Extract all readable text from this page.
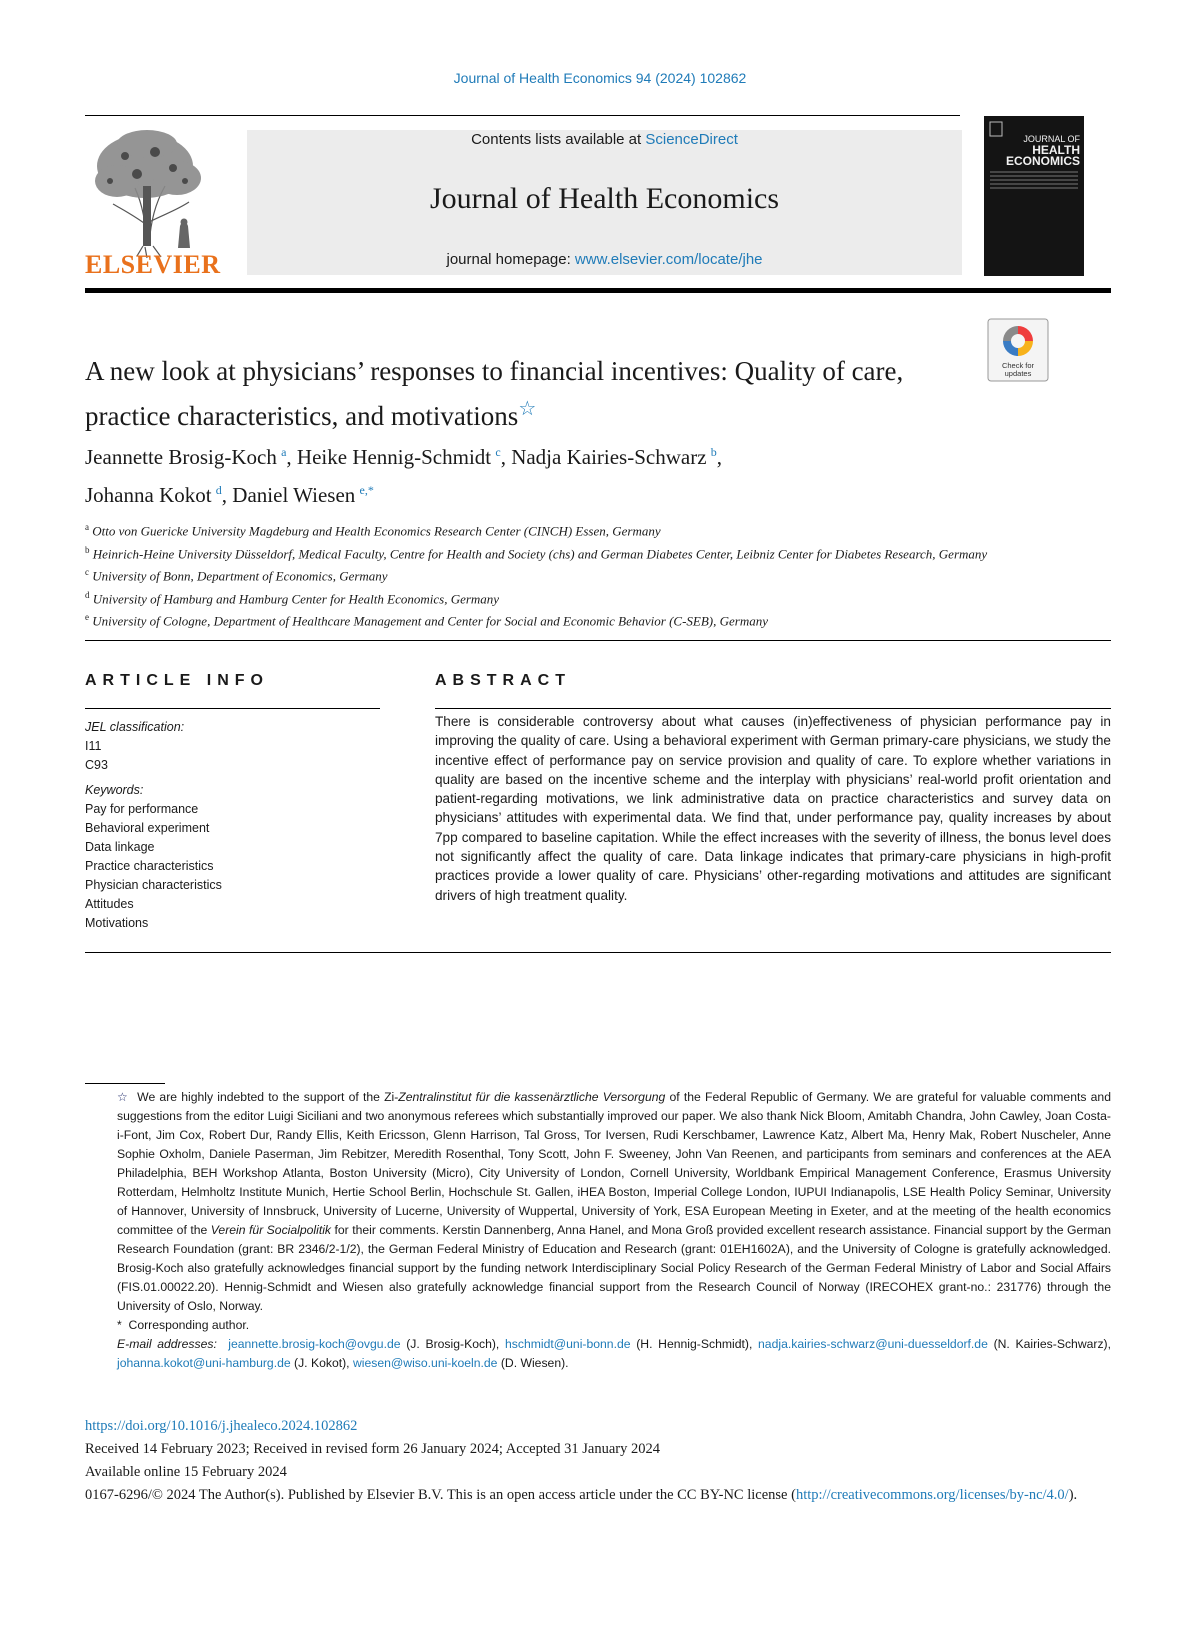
Journal of Health Economics 94 (2024) 102862
ELSEVIER
Contents lists available at ScienceDirect
Journal of Health Economics
journal homepage: www.elsevier.com/locate/jhe
JOURNAL OF
HEALTH
ECONOMICS
Check for
updates
A new look at physicians’ responses to financial incentives: Quality of care, practice characteristics, and motivations☆
Jeannette Brosig-Koch  $^a$, Heike Hennig-Schmidt  $^c$, Nadja Kairies-Schwarz  $^b$,
Johanna Kokot  $^d$, Daniel Wiesen  $^{e,*}$
$^a$ Otto von Guericke University Magdeburg and Health Economics Research Center (CINCH) Essen, Germany
$^b$ Heinrich-Heine University Düsseldorf, Medical Faculty, Centre for Health and Society (chs) and German Diabetes Center, Leibniz Center for Diabetes Research, Germany
$^c$ University of Bonn, Department of Economics, Germany
$^d$ University of Hamburg and Hamburg Center for Health Economics, Germany
$^e$ University of Cologne, Department of Healthcare Management and Center for Social and Economic Behavior (C-SEB), Germany
ARTICLE INFO
JEL classification:
I11
C93
Keywords:
Pay for performance
Behavioral experiment
Data linkage
Practice characteristics
Physician characteristics
Attitudes
Motivations
ABSTRACT
There is considerable controversy about what causes (in)effectiveness of physician performance pay in improving the quality of care. Using a behavioral experiment with German primary-care physicians, we study the incentive effect of performance pay on service provision and quality of care. To explore whether variations in quality are based on the incentive scheme and the interplay with physicians’ real-world profit orientation and patient-regarding motivations, we link administrative data on practice characteristics and survey data on physicians’ attitudes with experimental data. We find that, under performance pay, quality increases by about 7pp compared to baseline capitation. While the effect increases with the severity of illness, the bonus level does not significantly affect the quality of care. Data linkage indicates that primary-care physicians in high-profit practices provide a lower quality of care. Physicians’ other-regarding motivations and attitudes are significant drivers of high treatment quality.

☆ We are highly indebted to the support of the Zi-Zentralinstitut für die kassenärztliche Versorgung of the Federal Republic of Germany. We are grateful for valuable comments and suggestions from the editor Luigi Siciliani and two anonymous referees which substantially improved our paper. We also thank Nick Bloom, Amitabh Chandra, John Cawley, Joan Costa-i-Font, Jim Cox, Robert Dur, Randy Ellis, Keith Ericsson, Glenn Harrison, Tal Gross, Tor Iversen, Rudi Kerschbamer, Lawrence Katz, Albert Ma, Henry Mak, Robert Nuscheler, Anne Sophie Oxholm, Daniele Paserman, Jim Rebitzer, Meredith Rosenthal, Tony Scott, John F. Sweeney, John Van Reenen, and participants from seminars and conferences at the AEA Philadelphia, BEH Workshop Atlanta, Boston University (Micro), City University of London, Cornell University, Worldbank Empirical Management Conference, Erasmus University Rotterdam, Helmholtz Institute Munich, Hertie School Berlin, Hochschule St. Gallen, iHEA Boston, Imperial College London, IUPUI Indianapolis, LSE Health Policy Seminar, University of Hannover, University of Innsbruck, University of Lucerne, University of Wuppertal, University of York, ESA European Meeting in Exeter, and at the meeting of the health economics committee of the Verein für Socialpolitik for their comments. Kerstin Dannenberg, Anna Hanel, and Mona Groß provided excellent research assistance. Financial support by the German Research Foundation (grant: BR 2346/2-1/2), the German Federal Ministry of Education and Research (grant: 01EH1602A), and the University of Cologne is gratefully acknowledged. Brosig-Koch also gratefully acknowledges financial support by the funding network Interdisciplinary Social Policy Research of the German Federal Ministry of Labor and Social Affairs (FIS.01.00022.20). Hennig-Schmidt and Wiesen also gratefully acknowledge financial support from the Research Council of Norway (IRECOHEX grant-no.: 231776) through the University of Oslo, Norway.

* Corresponding author.

E-mail addresses: jeannette.brosig-koch@ovgu.de (J. Brosig-Koch), hschmidt@uni-bonn.de (H. Hennig-Schmidt), nadja.kairies-schwarz@uni-duesseldorf.de (N. Kairies-Schwarz), johanna.kokot@uni-hamburg.de (J. Kokot), wiesen@wiso.uni-koeln.de (D. Wiesen).

https://doi.org/10.1016/j.jhealeco.2024.102862

Received 14 February 2023; Received in revised form 26 January 2024; Accepted 31 January 2024

Available online 15 February 2024

0167-6296/© 2024 The Author(s). Published by Elsevier B.V. This is an open access article under the CC BY-NC license (http://creativecommons.org/licenses/by-nc/4.0/).
